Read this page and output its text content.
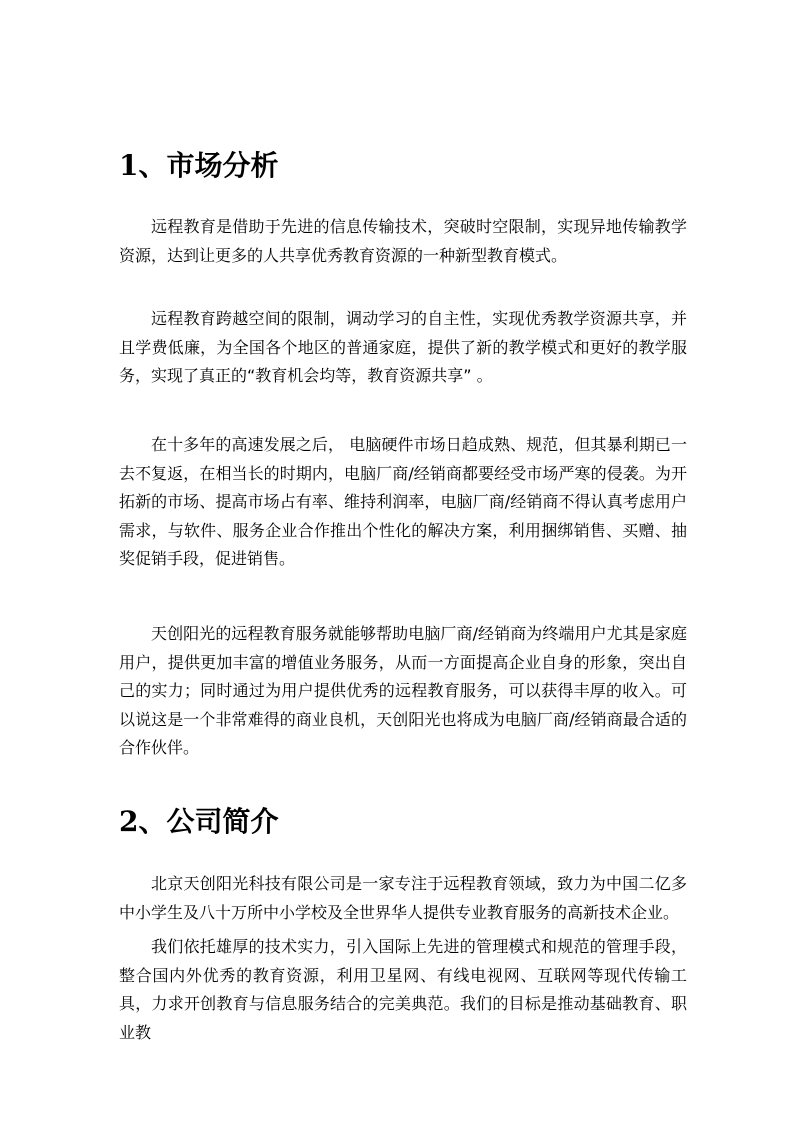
1、市场分析

远程教育是借助于先进的信息传输技术，突破时空限制，实现异地传输教学资源，达到让更多的人共享优秀教育资源的一种新型教育模式。

远程教育跨越空间的限制，调动学习的自主性，实现优秀教学资源共享，并且学费低廉，为全国各个地区的普通家庭，提供了新的教学模式和更好的教学服务，实现了真正的“教育机会均等，教育资源共享” 。

在十多年的高速发展之后， 电脑硬件市场日趋成熟、规范，但其暴利期已一去不复返，在相当长的时期内，电脑厂商/经销商都要经受市场严寒的侵袭。为开拓新的市场、提高市场占有率、维持利润率，电脑厂商/经销商不得认真考虑用户需求，与软件、服务企业合作推出个性化的解决方案，利用捆绑销售、买赠、抽奖促销手段，促进销售。

天创阳光的远程教育服务就能够帮助电脑厂商/经销商为终端用户尤其是家庭用户，提供更加丰富的增值业务服务，从而一方面提高企业自身的形象，突出自己的实力；同时通过为用户提供优秀的远程教育服务，可以获得丰厚的收入。可以说这是一个非常难得的商业良机，天创阳光也将成为电脑厂商/经销商最合适的合作伙伴。

2、公司简介

北京天创阳光科技有限公司是一家专注于远程教育领域，致力为中国二亿多中小学生及八十万所中小学校及全世界华人提供专业教育服务的高新技术企业。

我们依托雄厚的技术实力，引入国际上先进的管理模式和规范的管理手段，整合国内外优秀的教育资源，利用卫星网、有线电视网、互联网等现代传输工具，力求开创教育与信息服务结合的完美典范。我们的目标是推动基础教育、职业教
